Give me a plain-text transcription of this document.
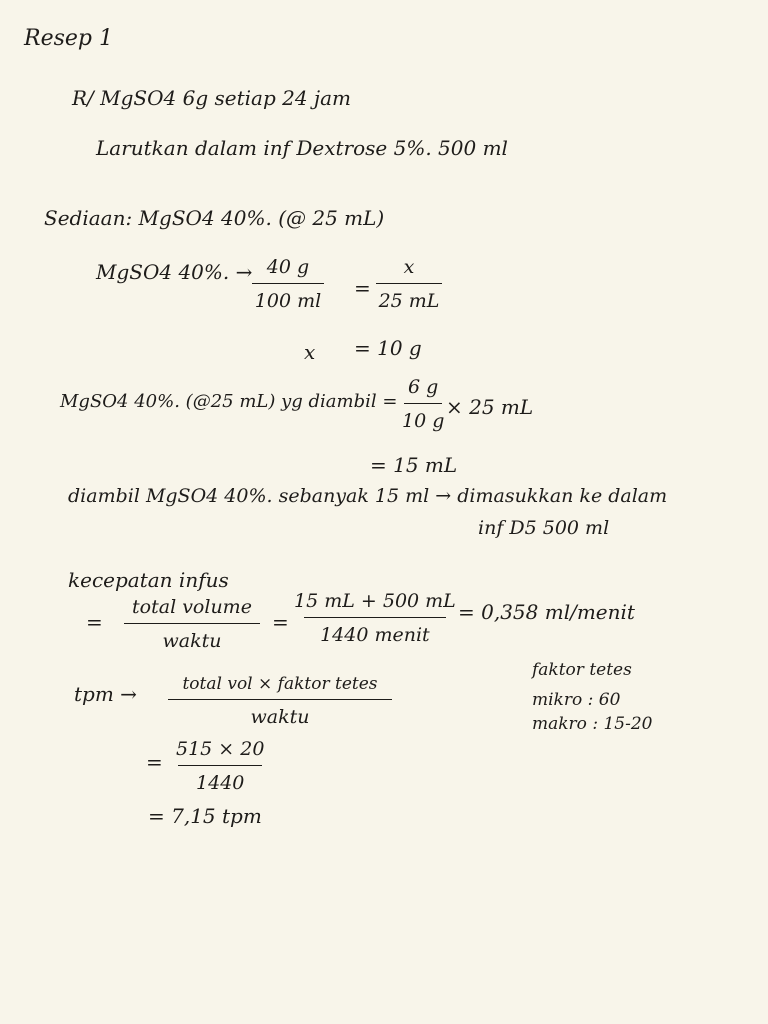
Resep 1
R/ MgSO4 6g setiap 24 jam
Larutkan dalam inf Dextrose 5%. 500 ml
Sediaan: MgSO4 40%. (@ 25 mL)
MgSO4 40%. → 40 g
100 ml
=
x
25 mL
x = 10 g
MgSO4 40%. (@25 mL) yg diambil =
6 g
10 g
× 25 mL
= 15 mL
diambil MgSO4 40%. sebanyak 15 ml → dimasukkan ke dalam
inf D5 500 ml
kecepatan infus
=
total volume
waktu
=
15 mL + 500 mL
1440 menit
= 0,358 ml/menit
tpm →	total vol × faktor tetes
waktu
=
515 × 20
1440
= 7,15 tpm
faktor tetes
mikro : 60
makro : 15-20
